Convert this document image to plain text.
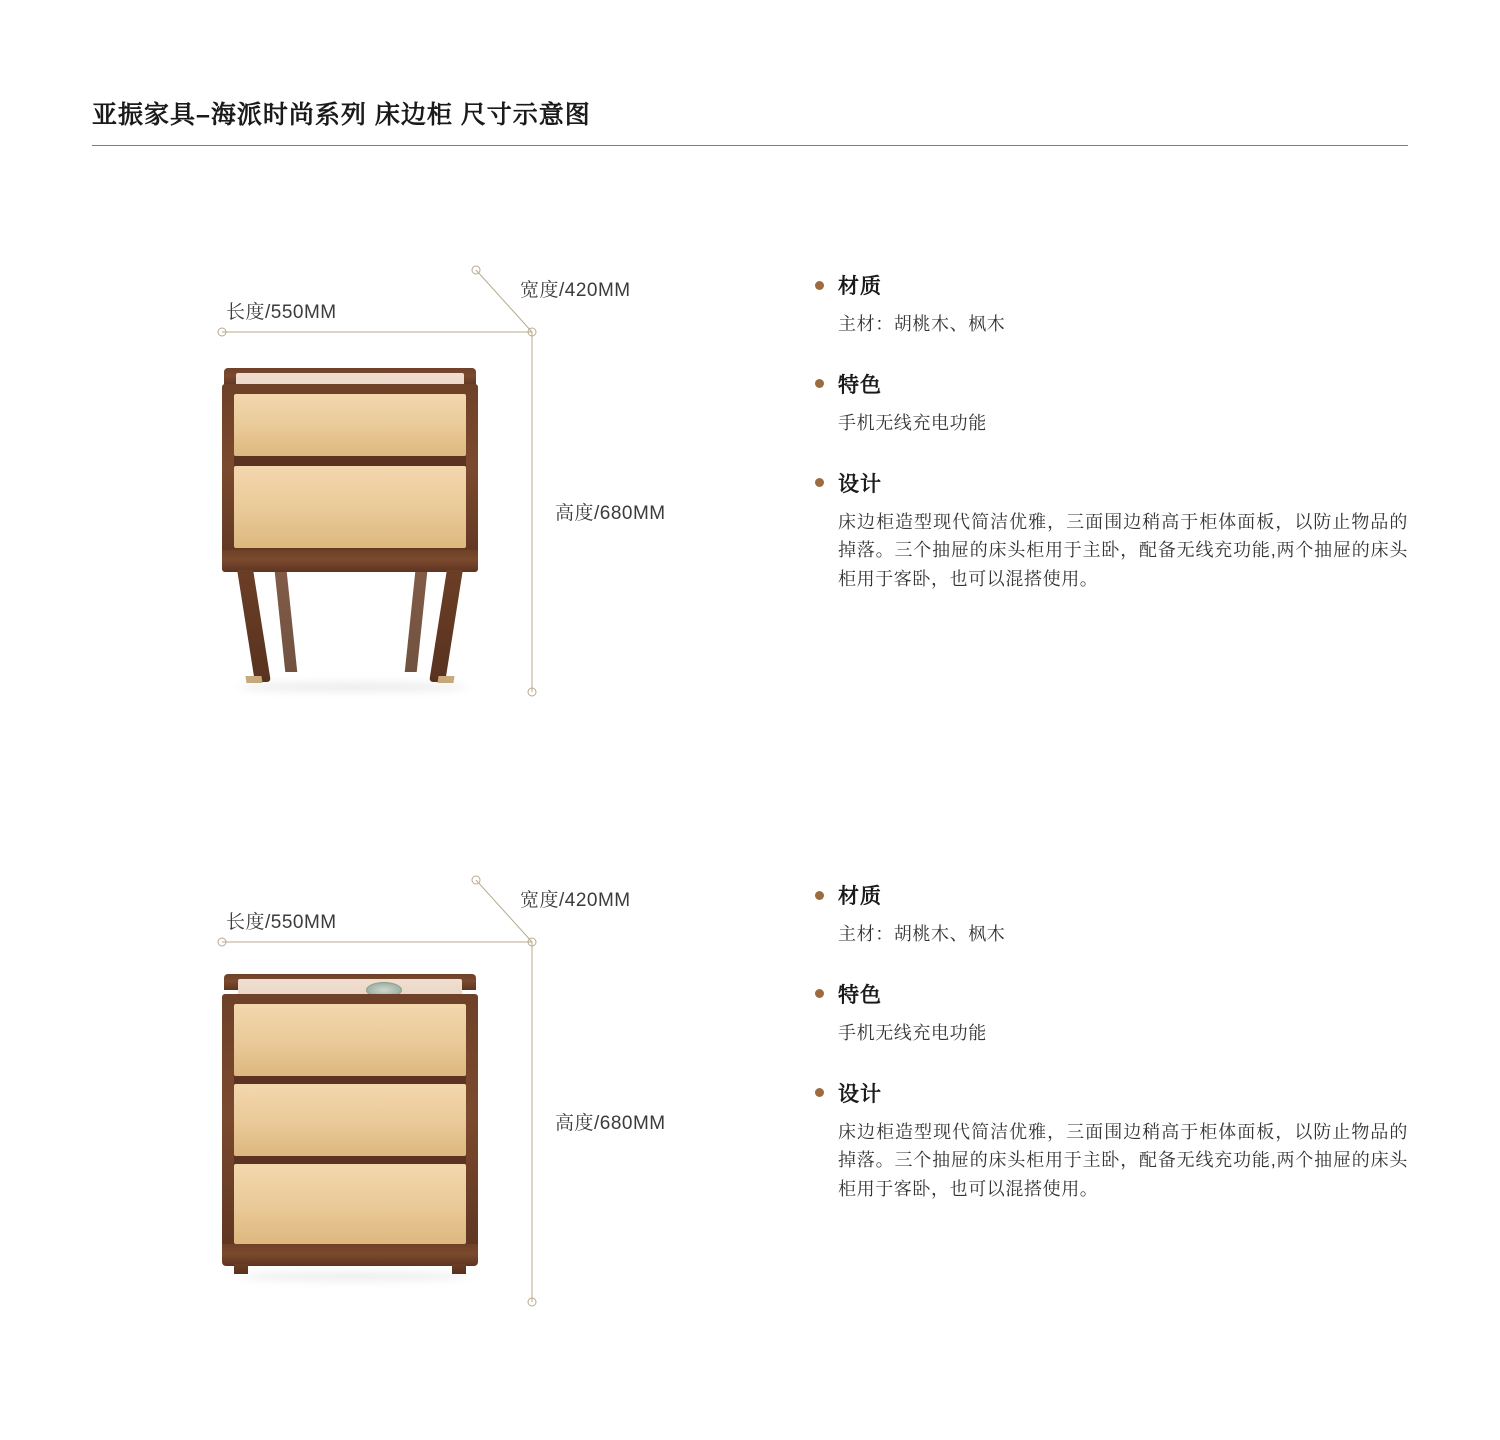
亚振家具–海派时尚系列 床边柜 尺寸示意图
长度/550MM
宽度/420MM
高度/680MM
材质
主材：胡桃木、枫木
特色
手机无线充电功能
设计
床边柜造型现代简洁优雅，三面围边稍高于柜体面板，以防止物品的掉落。三个抽屉的床头柜用于主卧，配备无线充功能,两个抽屉的床头柜用于客卧，也可以混搭使用。
长度/550MM
宽度/420MM
高度/680MM
材质
主材：胡桃木、枫木
特色
手机无线充电功能
设计
床边柜造型现代简洁优雅，三面围边稍高于柜体面板，以防止物品的掉落。三个抽屉的床头柜用于主卧，配备无线充功能,两个抽屉的床头柜用于客卧，也可以混搭使用。
